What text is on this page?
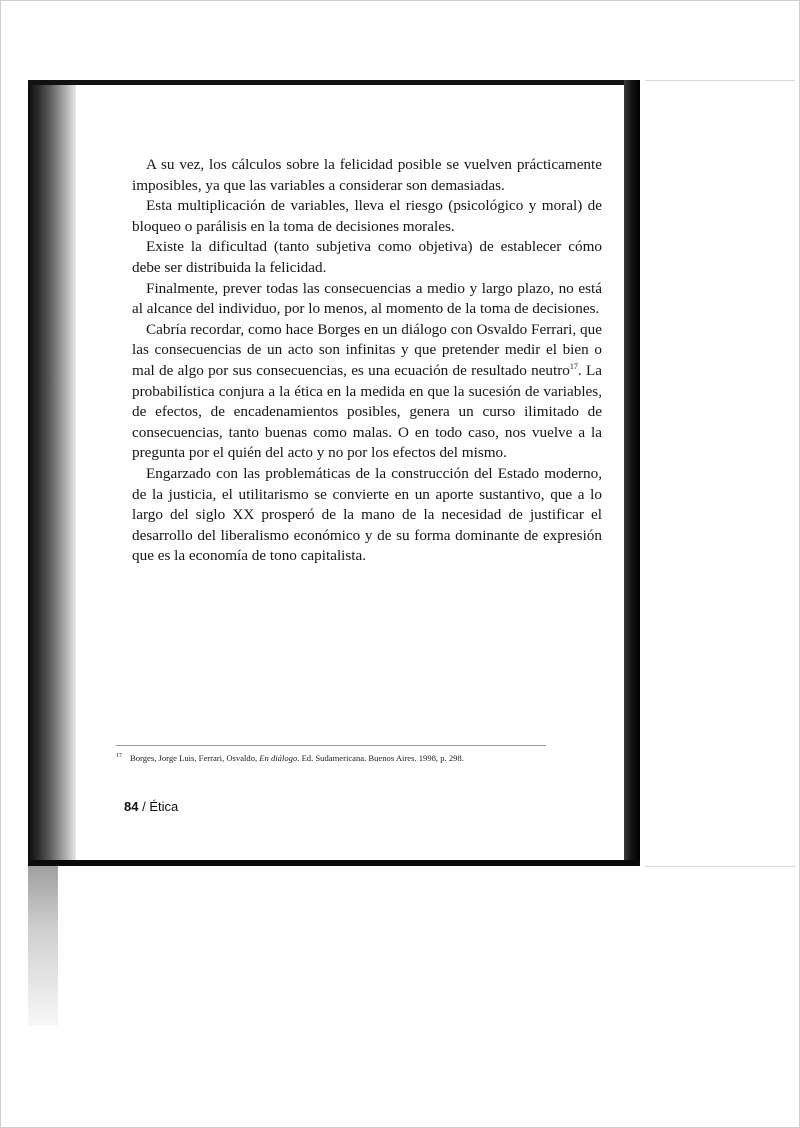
A su vez, los cálculos sobre la felicidad posible se vuelven prácticamente imposibles, ya que las variables a considerar son demasiadas.

Esta multiplicación de variables, lleva el riesgo (psicológico y moral) de bloqueo o parálisis en la toma de decisiones morales.

Existe la dificultad (tanto subjetiva como objetiva) de establecer cómo debe ser distribuida la felicidad.

Finalmente, prever todas las consecuencias a medio y largo plazo, no está al alcance del individuo, por lo menos, al momento de la toma de decisiones.

Cabría recordar, como hace Borges en un diálogo con Osvaldo Ferrari, que las consecuencias de un acto son infinitas y que pretender medir el bien o mal de algo por sus consecuencias, es una ecuación de resultado neutro$^{17}$. La probabilística conjura a la ética en la medida en que la sucesión de variables, de efectos, de encadenamientos posibles, genera un curso ilimitado de consecuencias, tanto buenas como malas. O en todo caso, nos vuelve a la pregunta por el quién del acto y no por los efectos del mismo.

Engarzado con las problemáticas de la construcción del Estado moderno, de la justicia, el utilitarismo se convierte en un aporte sustantivo, que a lo largo del siglo XX prosperó de la mano de la necesidad de justificar el desarrollo del liberalismo económico y de su forma dominante de expresión que es la economía de tono capitalista.

$^{17}$ Borges, Jorge Luis, Ferrari, Osvaldo, En diálogo. Ed. Sudamericana. Buenos Aires. 1998, p. 298.
84 / Ética
